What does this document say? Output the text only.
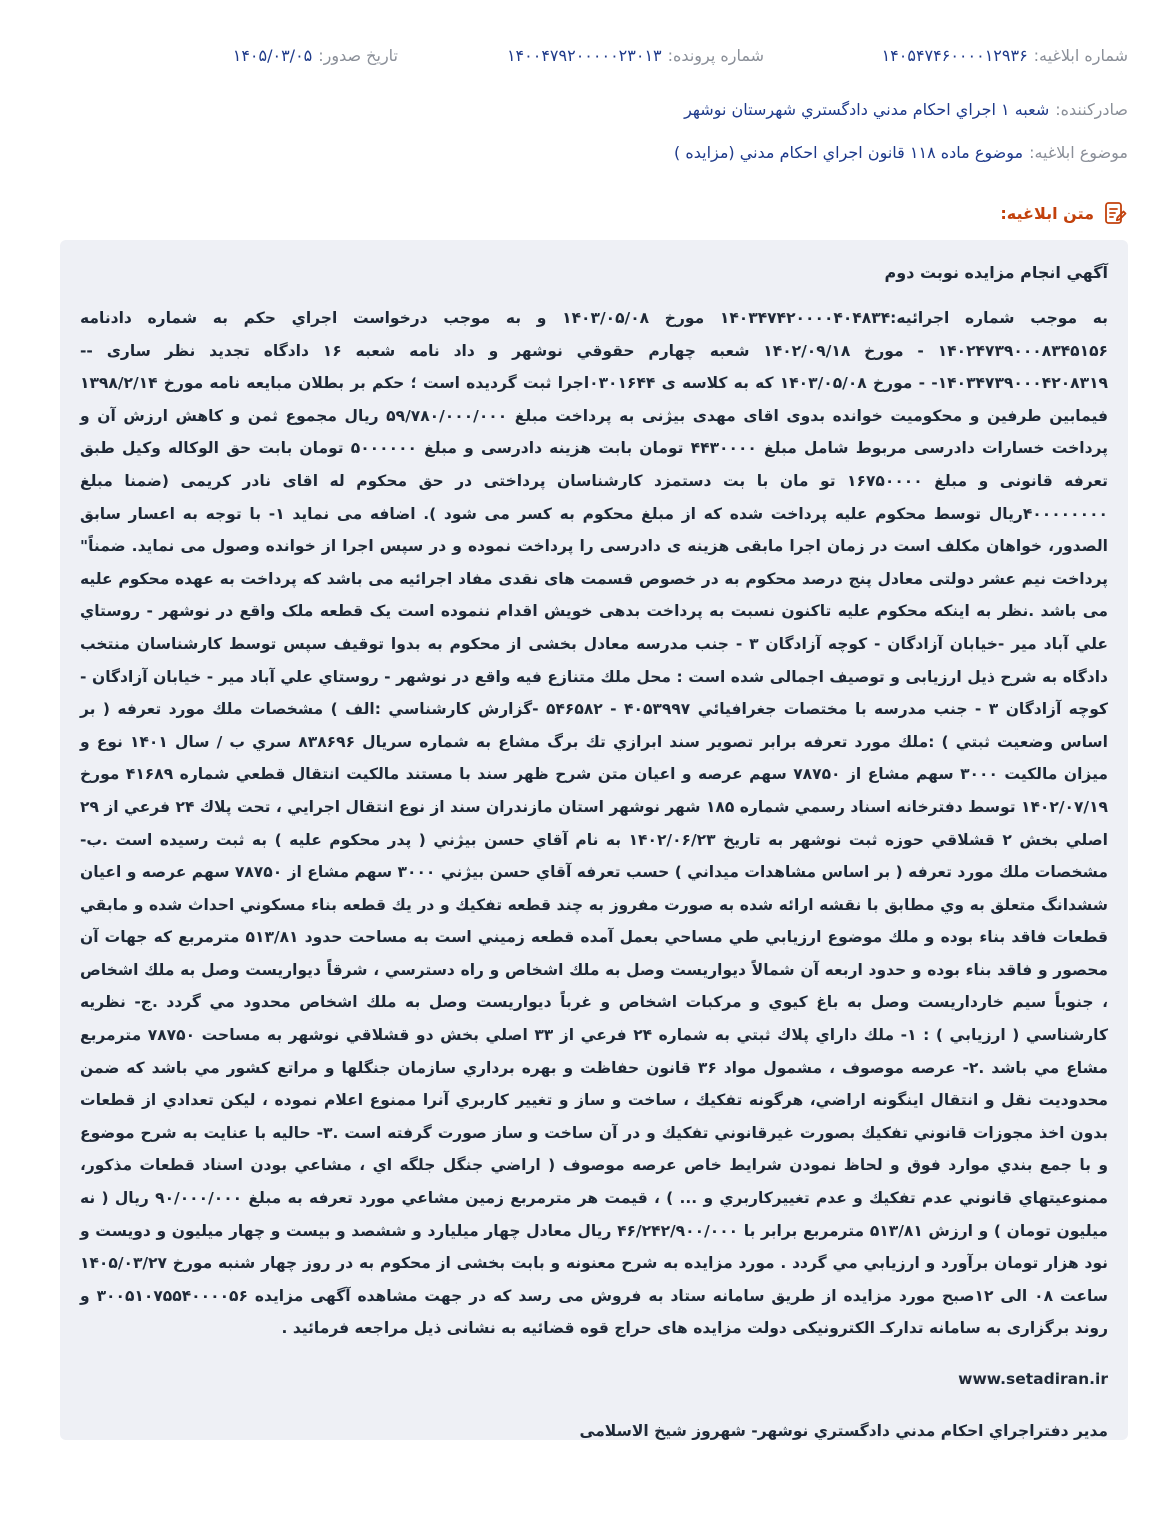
شماره ابلاغیه:
۱۴۰۵۴۷۴۶۰۰۰۰۱۲۹۳۶
شماره پرونده:
۱۴۰۰۴۷۹۲۰۰۰۰۰۲۳۰۱۳
تاریخ صدور:
۱۴۰۵/۰۳/۰۵
صادرکننده:
شعبه ۱ اجراي احکام مدني دادگستري شهرستان نوشهر
موضوع ابلاغیه:
موضوع ماده ۱۱۸ قانون اجراي احکام مدني (مزايده )
متن ابلاغیه:
آگهي انجام مزايده نوبت دوم

به موجب شماره اجرائيه:۱۴۰۳۴۷۴۲۰۰۰۰۴۰۴۸۳۴ مورخ ۱۴۰۳/۰۵/۰۸ و به موجب درخواست اجراي حکم به شماره دادنامه ۱۴۰۲۴۷۳۹۰۰۰۸۳۴۵۱۵۶ - مورخ ۱۴۰۲/۰۹/۱۸ شعبه چهارم حقوقي نوشهر و داد نامه شعبه ۱۶ دادگاه تجديد نظر ساری -- ۱۴۰۳۴۷۳۹۰۰۰۴۲۰۸۳۱۹- - مورخ ۱۴۰۳/۰۵/۰۸ كه به کلاسه ی ۰۳۰۱۶۴۴اجرا ثبت گرديده است ؛ حكم بر بطلان مبايعه نامه مورخ ۱۳۹۸/۲/۱۴ فیمابین طرفين و محکوميت خوانده بدوی اقای مهدی بيژنی به پرداخت مبلغ ۵۹/۷۸۰/۰۰۰/۰۰۰ ريال مجموع ثمن و كاهش ارزش آن و پرداخت خسارات دادرسی مربوط شامل مبلغ ۴۴۳۰۰۰۰ تومان بابت هزینه دادرسی و مبلغ ۵۰۰۰۰۰۰ تومان بابت حق الوكاله وکیل طبق تعرفه قانونی و مبلغ ۱۶۷۵۰۰۰۰ تو مان با بت دستمزد کارشناسان پرداختی در حق محکوم له اقای نادر کريمی (ضمنا مبلغ ۴۰۰۰۰۰۰۰۰ريال توسط محكوم عليه پرداخت شده كه از مبلغ محکوم به كسر می شود ). اضافه می نمايد ۱- با توجه به اعسار سابق الصدور، خواهان مكلف است در زمان اجرا مابقی هزينه ی دادرسی را پرداخت نموده و در سپس اجرا از خوانده وصول می نمايد. ضمناً" پرداخت نیم عشر دولتی معادل پنج درصد محکوم به در خصوص قسمت های نقدی مفاد اجرائیه می باشد که پرداخت به عهده محکوم علیه می باشد .نظر به اینکه محکوم علیه تاکنون نسبت به پرداخت بدهی خویش اقدام ننموده است یک قطعه ملک واقع در نوشهر - روستاي علي آباد مير -خيابان آزادگان - كوچه آزادگان ۳ - جنب مدرسه معادل بخشی از محکوم به بدوا توقیف سپس توسط کارشناسان منتخب دادگاه به شرح ذیل ارزیابی و توصیف اجمالی شده است : محل ملك متنازع فيه واقع در نوشهر - روستاي علي آباد مير - خيابان آزادگان - كوچه آزادگان ۳ - جنب مدرسه با مختصات جغرافيائي ۴۰۵۳۹۹۷ - ۵۴۶۵۸۲ -گزارش كارشناسي :الف ) مشخصات ملك مورد تعرفه ( بر اساس وضعيت ثبتي ) :ملك مورد تعرفه برابر تصوير سند ابرازي تك برگ مشاع به شماره سريال ۸۳۸۶۹۶ سري ب / سال ۱۴۰۱ نوع و ميزان مالكيت ۳۰۰۰ سهم مشاع از ۷۸۷۵۰ سهم عرصه و اعيان متن شرح ظهر سند با مستند مالكيت انتقال قطعي شماره ۴۱۶۸۹ مورخ ۱۴۰۲/۰۷/۱۹ توسط دفترخانه اسناد رسمي شماره ۱۸۵ شهر نوشهر استان مازندران سند از نوع انتقال اجرايي ، تحت پلاك ۲۴ فرعي از ۲۹ اصلي بخش ۲ قشلاقي حوزه ثبت نوشهر به تاريخ ۱۴۰۲/۰۶/۲۳ به نام آقاي حسن بيژني ( پدر محكوم عليه ) به ثبت رسيده است .ب- مشخصات ملك مورد تعرفه ( بر اساس مشاهدات ميداني ) حسب تعرفه آقاي حسن بيژني ۳۰۰۰ سهم مشاع از ۷۸۷۵۰ سهم عرصه و اعيان ششدانگ متعلق به وي مطابق با نقشه ارائه شده به صورت مفروز به چند قطعه تفكيك و در يك قطعه بناء مسكوني احداث شده و مابقي قطعات فاقد بناء بوده و ملك موضوع ارزيابي طي مساحي بعمل آمده قطعه زميني است به مساحت حدود ۵۱۳/۸۱ مترمربع كه جهات آن محصور و فاقد بناء بوده و حدود اربعه آن شمالاً ديواريست وصل به ملك اشخاص و راه دسترسي ، شرقاً ديواريست وصل به ملك اشخاص ، جنوباً سيم خارداريست وصل به باغ كيوي و مركبات اشخاص و غرباً ديواريست وصل به ملك اشخاص محدود مي گردد .ج- نظريه كارشناسي ( ارزيابي ) : ۱- ملك داراي پلاك ثبتي به شماره ۲۴ فرعي از ۳۳ اصلي بخش دو قشلاقي نوشهر به مساحت ۷۸۷۵۰ مترمربع مشاع مي باشد .۲- عرصه موصوف ، مشمول مواد ۳۶ قانون حفاظت و بهره برداري سازمان جنگلها و مراتع كشور مي باشد كه ضمن محدوديت نقل و انتقال اينگونه اراضي، هرگونه تفكيك ، ساخت و ساز و تغيير كاربري آنرا ممنوع اعلام نموده ، ليكن تعدادي از قطعات بدون اخذ مجوزات قانوني تفكيك بصورت غيرقانوني تفكيك و در آن ساخت و ساز صورت گرفته است .۳- حاليه با عنايت به شرح موضوع و با جمع بندي موارد فوق و لحاظ نمودن شرايط خاص عرصه موصوف ( اراضي جنگل جلگه اي ، مشاعي بودن اسناد قطعات مذكور، ممنوعيتهاي قانوني عدم تفكيك و عدم تغييركاربري و ... ) ، قيمت هر مترمربع زمين مشاعي مورد تعرفه به مبلغ ۹۰/۰۰۰/۰۰۰ ريال ( نه ميليون تومان ) و ارزش ۵۱۳/۸۱ مترمربع برابر با ۴۶/۲۴۲/۹۰۰/۰۰۰ ريال معادل چهار ميليارد و ششصد و بيست و چهار ميليون و دويست و نود هزار تومان برآورد و ارزيابي مي گردد . مورد مزايده به شرح معنونه و بابت بخشی از محكوم به در روز چهار شنبه مورخ ۱۴۰۵/۰۳/۲۷ ساعت ۰۸ الی ۱۲صبح مورد مزايده از طريق سامانه ستاد به فروش می رسد كه در جهت مشاهده آگهی مزايده ۳۰۰۵۱۰۷۵۵۴۰۰۰۰۵۶ و روند برگزاری به سامانه تداركـ الكترونيكی دولت مزايده های حراج قوه قضائيه به نشانی ذيل مراجعه فرمائيد .

www.setadiran.ir
مدير دفتراجراي احكام مدني دادگستري نوشهر- شهروز شيخ الاسلامی
